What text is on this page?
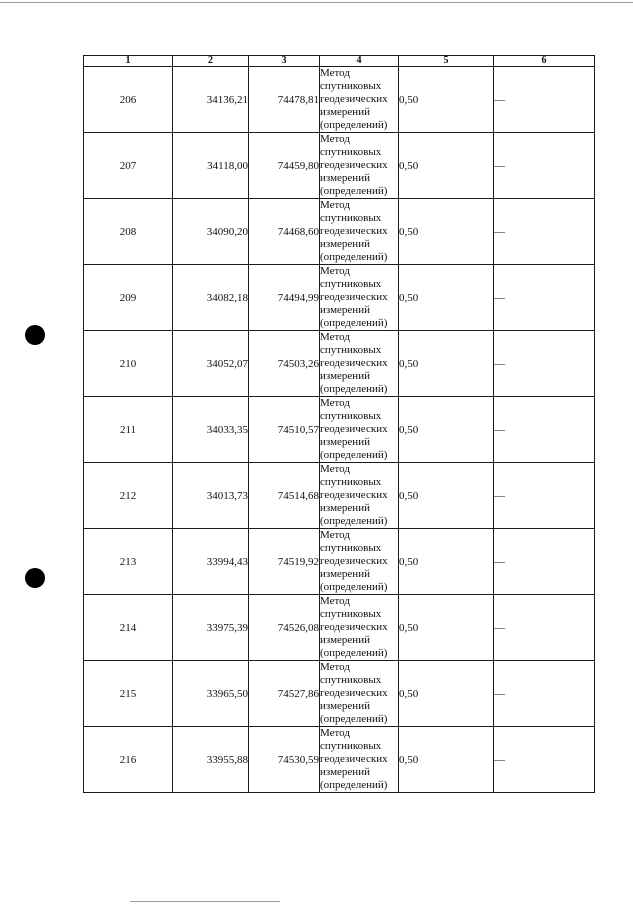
1	2	3	4	5	6
206	34136,21	74478,81	Метод
спутниковых
геодезических
измерений
(определений)	0,50	—
207	34118,00	74459,80	Метод
спутниковых
геодезических
измерений
(определений)	0,50	—
208	34090,20	74468,60	Метод
спутниковых
геодезических
измерений
(определений)	0,50	—
209	34082,18	74494,99	Метод
спутниковых
геодезических
измерений
(определений)	0,50	—
210	34052,07	74503,26	Метод
спутниковых
геодезических
измерений
(определений)	0,50	—
211	34033,35	74510,57	Метод
спутниковых
геодезических
измерений
(определений)	0,50	—
212	34013,73	74514,68	Метод
спутниковых
геодезических
измерений
(определений)	0,50	—
213	33994,43	74519,92	Метод
спутниковых
геодезических
измерений
(определений)	0,50	—
214	33975,39	74526,08	Метод
спутниковых
геодезических
измерений
(определений)	0,50	—
215	33965,50	74527,86	Метод
спутниковых
геодезических
измерений
(определений)	0,50	—
216	33955,88	74530,59	Метод
спутниковых
геодезических
измерений
(определений)	0,50	—
